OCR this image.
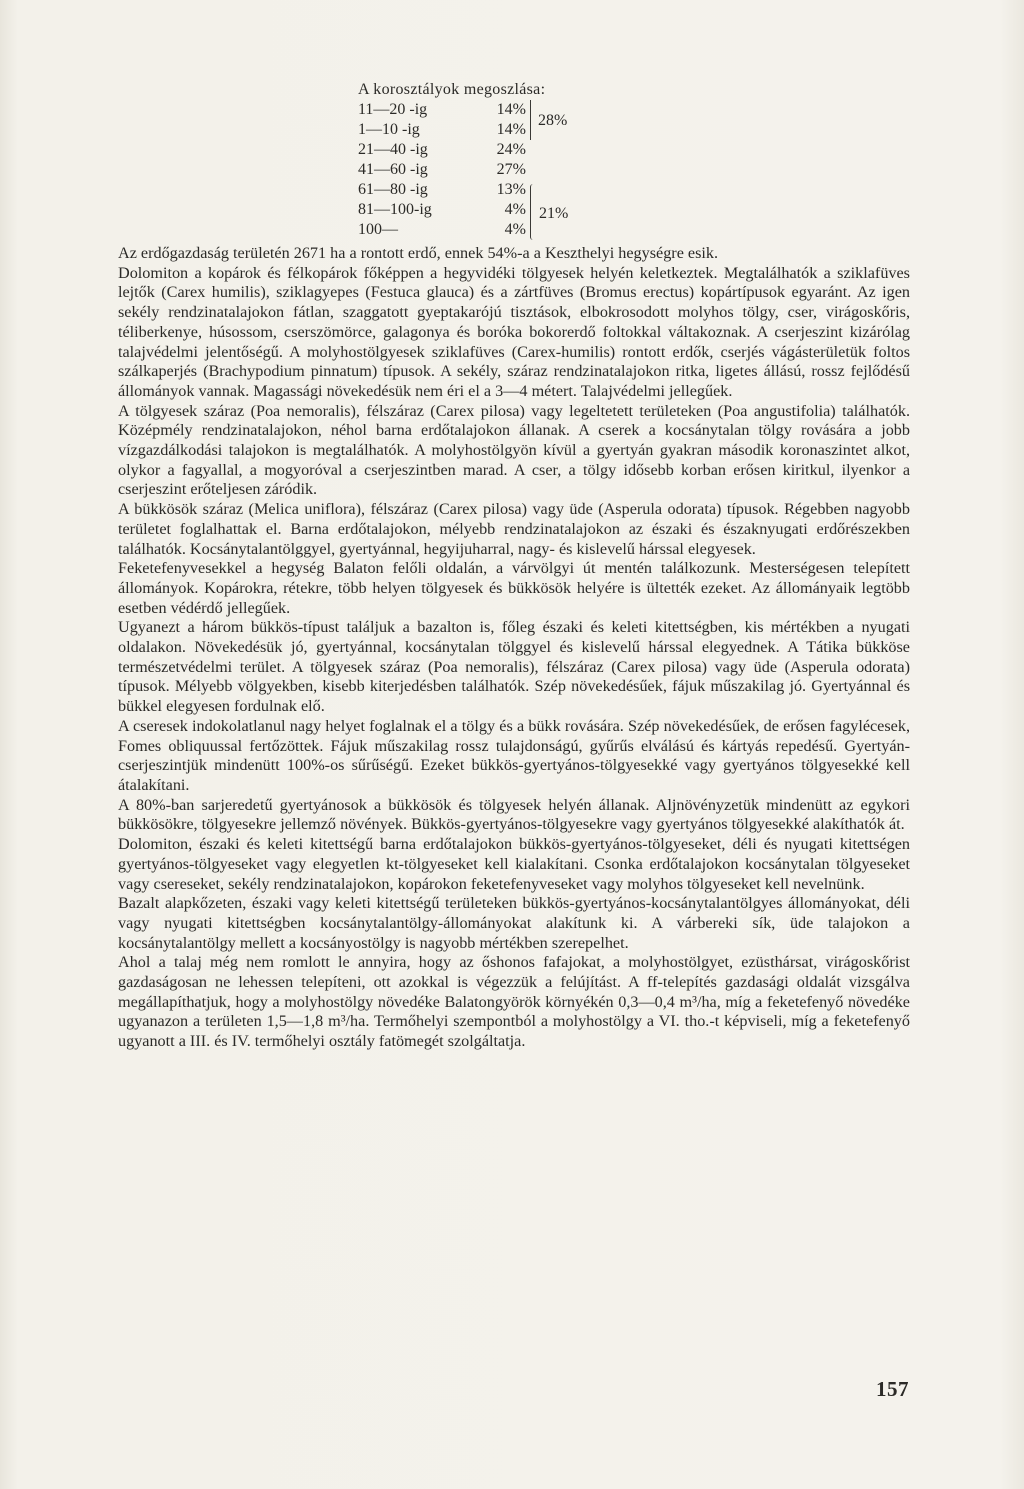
A korosztályok megoszlása:
11—20 -ig	14%
1—10 -ig	14%
21—40 -ig	24%
41—60 -ig	27%
61—80 -ig	13%
81—100-ig	4%
100—	4%
28%
21%

Az erdőgazdaság területén 2671 ha a rontott erdő, ennek 54%-a a Keszthelyi hegységre esik.

Dolomiton a kopárok és félkopárok főképpen a hegyvidéki tölgyesek helyén keletkeztek. Megtalálhatók a sziklafüves lejtők (Carex humilis), sziklagyepes (Festuca glauca) és a zártfüves (Bromus erectus) kopártípusok egyaránt. Az igen sekély rendzinatalajokon fátlan, szaggatott gyeptakarójú tisztások, elbokrosodott molyhos tölgy, cser, virágoskőris, téliberkenye, húsossom, cserszömörce, galagonya és boróka bokorerdő foltokkal váltakoznak. A cserjeszint kizárólag talajvédelmi jelentőségű. A molyhostölgyesek sziklafüves (Carex-humilis) rontott erdők, cserjés vágásterületük foltos szálkaperjés (Brachypodium pinnatum) típusok. A sekély, száraz rendzinatalajokon ritka, ligetes állású, rossz fejlődésű állományok vannak. Magassági növekedésük nem éri el a 3—4 métert. Talajvédelmi jellegűek.

A tölgyesek száraz (Poa nemoralis), félszáraz (Carex pilosa) vagy legeltetett területeken (Poa angustifolia) találhatók. Középmély rendzinatalajokon, néhol barna erdőtalajokon állanak. A cserek a kocsánytalan tölgy rovására a jobb vízgazdálkodási talajokon is megtalálhatók. A molyhostölgyön kívül a gyertyán gyakran második koronaszintet alkot, olykor a fagyallal, a mogyoróval a cserjeszintben marad. A cser, a tölgy idősebb korban erősen kiritkul, ilyenkor a cserjeszint erőteljesen záródik.

A bükkösök száraz (Melica uniflora), félszáraz (Carex pilosa) vagy üde (Asperula odorata) típusok. Régebben nagyobb területet foglalhattak el. Barna erdőtalajokon, mélyebb rendzinatalajokon az északi és északnyugati erdőrészekben találhatók. Kocsánytalantölggyel, gyertyánnal, hegyijuharral, nagy- és kislevelű hárssal elegyesek.

Feketefenyvesekkel a hegység Balaton felőli oldalán, a várvölgyi út mentén találkozunk. Mesterségesen telepített állományok. Kopárokra, rétekre, több helyen tölgyesek és bükkösök helyére is ültették ezeket. Az állományaik legtöbb esetben védérdő jellegűek.

Ugyanezt a három bükkös-típust találjuk a bazalton is, főleg északi és keleti kitettségben, kis mértékben a nyugati oldalakon. Növekedésük jó, gyertyánnal, kocsánytalan tölggyel és kislevelű hárssal elegyednek. A Tátika bükköse természetvédelmi terület. A tölgyesek száraz (Poa nemoralis), félszáraz (Carex pilosa) vagy üde (Asperula odorata) típusok. Mélyebb völgyekben, kisebb kiterjedésben találhatók. Szép növekedésűek, fájuk műszakilag jó. Gyertyánnal és bükkel elegyesen fordulnak elő.

A cseresek indokolatlanul nagy helyet foglalnak el a tölgy és a bükk rovására. Szép növekedésűek, de erősen fagylécesek, Fomes obliquussal fertőzöttek. Fájuk műszakilag rossz tulajdonságú, gyűrűs elválású és kártyás repedésű. Gyertyán-cserjeszintjük mindenütt 100%-os sűrűségű. Ezeket bükkös-gyertyános-tölgyesekké vagy gyertyános tölgyesekké kell átalakítani.

A 80%-ban sarjeredetű gyertyánosok a bükkösök és tölgyesek helyén állanak. Aljnövényzetük mindenütt az egykori bükkösökre, tölgyesekre jellemző növények. Bükkös-gyertyános-tölgyesekre vagy gyertyános tölgyesekké alakíthatók át.

Dolomiton, északi és keleti kitettségű barna erdőtalajokon bükkös-gyertyános-tölgyeseket, déli és nyugati kitettségen gyertyános-tölgyeseket vagy elegyetlen kt-tölgyeseket kell kialakítani. Csonka erdőtalajokon kocsánytalan tölgyeseket vagy csereseket, sekély rendzinatalajokon, kopárokon feketefenyveseket vagy molyhos tölgyeseket kell nevelnünk.

Bazalt alapkőzeten, északi vagy keleti kitettségű területeken bükkös-gyertyános-kocsánytalantölgyes állományokat, déli vagy nyugati kitettségben kocsánytalantölgy-állományokat alakítunk ki. A várbereki sík, üde talajokon a kocsánytalantölgy mellett a kocsányostölgy is nagyobb mértékben szerepelhet.

Ahol a talaj még nem romlott le annyira, hogy az őshonos fafajokat, a molyhostölgyet, ezüsthársat, virágoskőrist gazdaságosan ne lehessen telepíteni, ott azokkal is végezzük a felújítást. A ff-telepítés gazdasági oldalát vizsgálva megállapíthatjuk, hogy a molyhostölgy növedéke Balatongyörök környékén 0,3—0,4 m³/ha, míg a feketefenyő növedéke ugyanazon a területen 1,5—1,8 m³/ha. Termőhelyi szempontból a molyhostölgy a VI. tho.-t képviseli, míg a feketefenyő ugyanott a III. és IV. termőhelyi osztály fatömegét szolgáltatja.

157
